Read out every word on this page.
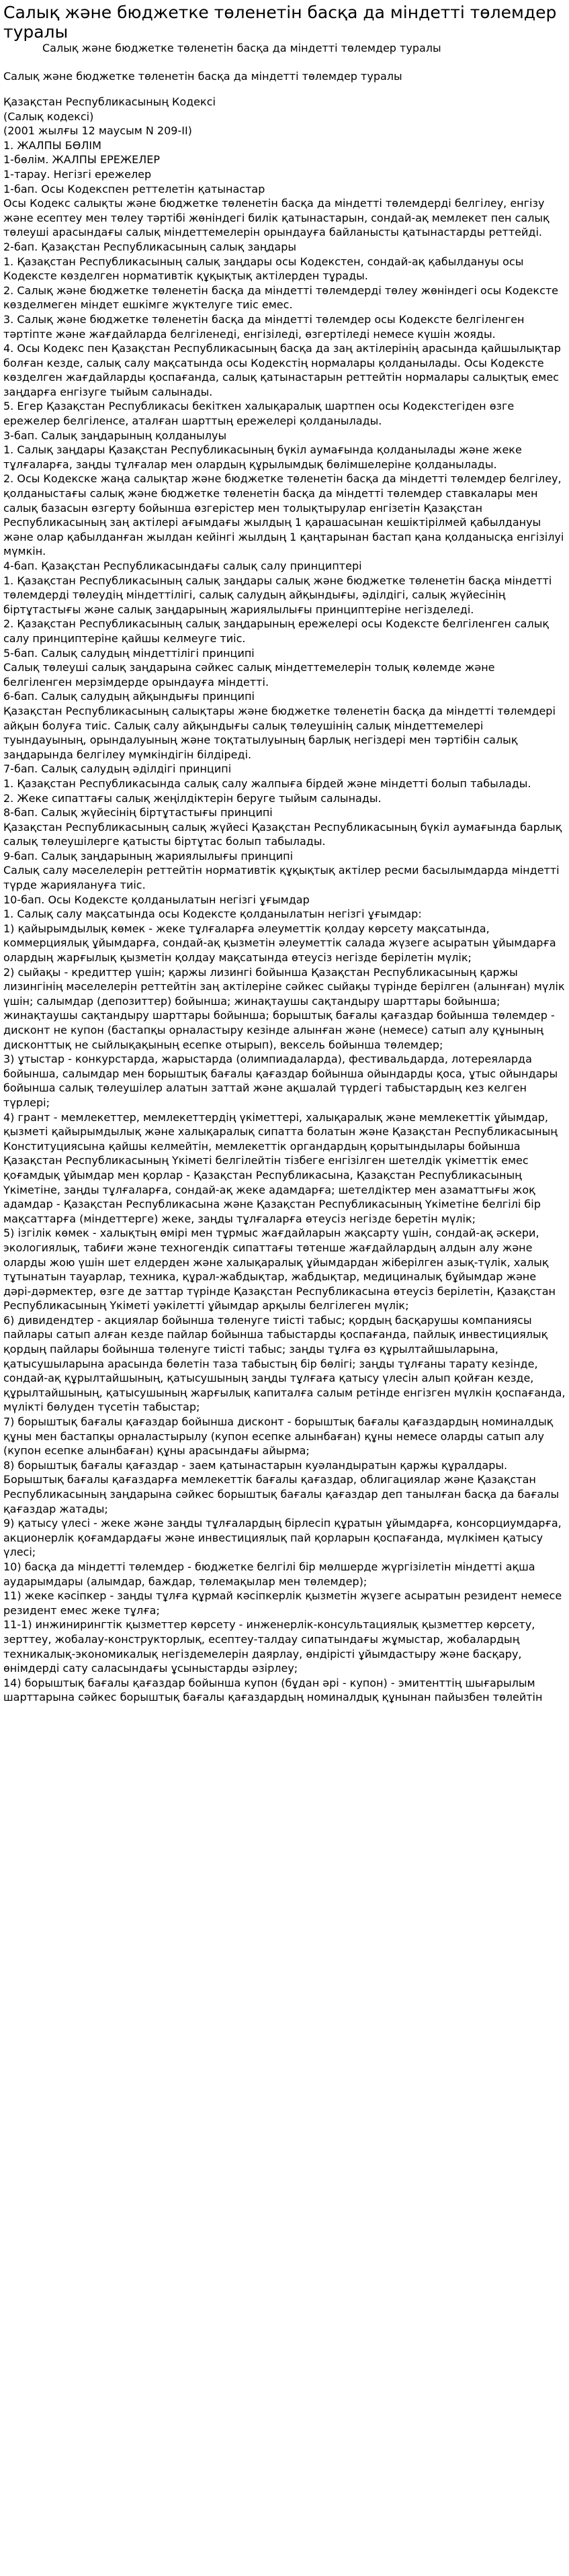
Салық және бюджетке төленетін басқа да міндетті төлемдер туралы

Салық және бюджетке төленетін басқа да міндетті төлемдер туралы

Салық және бюджетке төленетін басқа да міндетті төлемдер туралы

Қазақстан Республикасының Кодексі
(Салық кодексі)
(2001 жылғы 12 маусым N 209-II)
1. ЖАЛПЫ БӨЛІМ
1-бөлім. ЖАЛПЫ ЕРЕЖЕЛЕР
1-тарау. Негізгі ережелер
1-бап. Осы Кодекспен реттелетін қатынастар
Осы Кодекс салықты және бюджетке төленетін басқа да міндетті төлемдерді белгілеу, енгізу және есептеу мен төлеу тәртібі жөніндегі билік қатынастарын, сондай-ақ мемлекет пен салық төлеуші арасындағы салық міндеттемелерін орындауға байланысты қатынастарды реттейді.
2-бап. Қазақстан Республикасының салық заңдары
1. Қазақстан Республикасының салық заңдары осы Кодекстен, сондай-ақ қабылдануы осы Кодексте көзделген нормативтік құқықтық актілерден тұрады.
2. Салық және бюджетке төленетін басқа да міндетті төлемдерді төлеу жөніндегі осы Кодексте көзделмеген міндет ешкімге жүктелуге тиіс емес.
3. Салық және бюджетке төленетін басқа да міндетті төлемдер осы Кодексте белгіленген тәртіпте және жағдайларда белгіленеді, енгізіледі, өзгертіледі немесе күшін жояды.
4. Осы Кодекс пен Қазақстан Республикасының басқа да заң актілерінің арасында қайшылықтар болған кезде, салық салу мақсатында осы Кодекстің нормалары қолданылады. Осы Кодексте көзделген жағдайларды қоспағанда, салық қатынастарын реттейтін нормалары салықтық емес заңдарға енгізуге тыйым салынады.
5. Егер Қазақстан Республикасы бекіткен халықаралық шартпен осы Кодекстегіден өзге ережелер белгіленсе, аталған шарттың ережелері қолданылады.
3-бап. Салық заңдарының қолданылуы
1. Салық заңдары Қазақстан Республикасының бүкіл аумағында қолданылады және жеке тұлғаларға, заңды тұлғалар мен олардың құрылымдық бөлімшелеріне қолданылады.
2. Осы Кодекске жаңа салықтар және бюджетке төленетін басқа да міндетті төлемдер белгілеу, қолданыстағы салық және бюджетке төленетін басқа да міндетті төлемдер ставкалары мен салық базасын өзгерту бойынша өзгерістер мен толықтырулар енгізетін Қазақстан Республикасының заң актілері ағымдағы жылдың 1 қарашасынан кешіктірілмей қабылдануы және олар қабылданған жылдан кейінгі жылдың 1 қаңтарынан бастап қана қолданысқа енгізілуі мүмкін.
4-бап. Қазақстан Республикасындағы салық салу принциптері
1. Қазақстан Республикасының салық заңдары салық және бюджетке төленетін басқа міндетті төлемдерді төлеудің міндеттілігі, салық салудың айқындығы, әділдігі, салық жүйесінің біртұтастығы және салық заңдарының жариялылығы принциптеріне негізделеді.
2. Қазақстан Республикасының салық заңдарының ережелері осы Кодексте белгіленген салық салу принциптеріне қайшы келмеуге тиіс.
5-бап. Салық салудың міндеттілігі принципі
Салық төлеуші салық заңдарына сәйкес салық міндеттемелерін толық көлемде және белгіленген мерзімдерде орындауға міндетті.
6-бап. Салық салудың айқындығы принципі
Қазақстан Республикасының салықтары және бюджетке төленетін басқа да міндетті төлемдері айқын болуға тиіс. Салық салу айқындығы салық төлеушінің салық міндеттемелері туындауының, орындалуының және тоқтатылуының барлық негіздері мен тәртібін салық заңдарында белгілеу мүмкіндігін білдіреді.
7-бап. Салық салудың әділдігі принципі
1. Қазақстан Республикасында салық салу жалпыға бірдей және міндетті болып табылады.
2. Жеке сипаттағы салық жеңілдіктерін беруге тыйым салынады.
8-бап. Салық жүйесінің біртұтастығы принципі
Қазақстан Республикасының салық жүйесі Қазақстан Республикасының бүкіл аумағында барлық салық төлеушілерге қатысты біртұтас болып табылады.
9-бап. Салық заңдарының жариялылығы принципі
Салық салу мәселелерін реттейтін нормативтік құқықтық актілер ресми басылымдарда міндетті түрде жариялануға тиіс.
10-бап. Осы Кодексте қолданылатын негізгі ұғымдар
1. Салық салу мақсатында осы Кодексте қолданылатын негізгі ұғымдар:
1) қайырымдылық көмек - жеке тұлғаларға әлеуметтік қолдау көрсету мақсатында, коммерциялық ұйымдарға, сондай-ақ қызметін әлеуметтік салада жүзеге асыратын ұйымдарға олардың жарғылық қызметін қолдау мақсатында өтеусіз негізде берілетін мүлік;
2) сыйақы - кредиттер үшін; қаржы лизингі бойынша Қазақстан Республикасының қаржы лизингінің мәселелерін реттейтін заң актілеріне сәйкес сыйақы түрінде берілген (алынған) мүлік үшін; салымдар (депозиттер) бойынша; жинақтаушы сақтандыру шарттары бойынша; жинақтаушы сақтандыру шарттары бойынша; борыштық бағалы қағаздар бойынша төлемдер - дисконт не купон (бастапқы орналастыру кезінде алынған және (немесе) сатып алу құнының дисконттық не сыйлықақының есепке отырып), вексель бойынша төлемдер;
3) ұтыстар - конкурстарда, жарыстарда (олимпиадаларда), фестивальдарда, лотереяларда бойынша, салымдар мен борыштық бағалы қағаздар бойынша ойындарды қоса, ұтыс ойындары бойынша салық төлеушілер алатын заттай және ақшалай түрдегі табыстардың кез келген түрлері;
4) грант - мемлекеттер, мемлекеттердің үкіметтері, халықаралық және мемлекеттік ұйымдар, қызметі қайырымдылық және халықаралық сипатта болатын және Қазақстан Республикасының Конституциясына қайшы келмейтін, мемлекеттік органдардың қорытындылары бойынша Қазақстан Республикасының Үкіметі белгілейтін тізбеге енгізілген шетелдік үкіметтік емес қоғамдық ұйымдар мен қорлар - Қазақстан Республикасына, Қазақстан Республикасының Үкіметіне, заңды тұлғаларға, сондай-ақ жеке адамдарға; шетелдіктер мен азаматтығы жоқ адамдар - Қазақстан Республикасына және Қазақстан Республикасының Үкіметіне белгілі бір мақсаттарға (міндеттерге) жеке, заңды тұлғаларға өтеусіз негізде беретін мүлік;
5) ізгілік көмек - халықтың өмірі мен тұрмыс жағдайларын жақсарту үшін, сондай-ақ әскери, экологиялық, табиғи және техногендік сипаттағы төтенше жағдайлардың алдын алу және оларды жою үшін шет елдерден және халықаралық ұйымдардан жіберілген азық-түлік, халық тұтынатын тауарлар, техника, құрал-жабдықтар, жабдықтар, медициналық бұйымдар және дәрі-дәрмектер, өзге де заттар түрінде Қазақстан Республикасына өтеусіз берілетін, Қазақстан Республикасының Үкіметі уәкілетті ұйымдар арқылы белгілеген мүлік;
6) дивидендтер - акциялар бойынша төленуге тиісті табыс; қордың басқарушы компаниясы пайлары сатып алған кезде пайлар бойынша табыстарды қоспағанда, пайлық инвестициялық қордың пайлары бойынша төленуге тиісті табыс; заңды тұлға өз құрылтайшыларына, қатысушыларына арасында бөлетін таза табыстың бір бөлігі; заңды тұлғаны тарату кезінде, сондай-ақ құрылтайшының, қатысушының заңды тұлғаға қатысу үлесін алып қойған кезде, құрылтайшының, қатысушының жарғылық капиталға салым ретінде енгізген мүлкін қоспағанда, мүлікті бөлуден түсетін табыстар;
7) борыштық бағалы қағаздар бойынша дисконт - борыштық бағалы қағаздардың номиналдық құны мен бастапқы орналастырылу (купон есепке алынбаған) құны немесе оларды сатып алу (купон есепке алынбаған) құны арасындағы айырма;
8) борыштық бағалы қағаздар - заем қатынастарын куәландыратын қаржы құралдары. Борыштық бағалы қағаздарға мемлекеттік бағалы қағаздар, облигациялар және Қазақстан Республикасының заңдарына сәйкес борыштық бағалы қағаздар деп танылған басқа да бағалы қағаздар жатады;
9) қатысу үлесі - жеке және заңды тұлғалардың бірлесіп құратын ұйымдарға, консорциумдарға, акционерлік қоғамдардағы және инвестициялық пай қорларын қоспағанда, мүлкімен қатысу үлесі;
10) басқа да міндетті төлемдер - бюджетке белгілі бір мөлшерде жүргізілетін міндетті ақша аударымдары (алымдар, баждар, төлемақылар мен төлемдер);
11) жеке кәсіпкер - заңды тұлға құрмай кәсіпкерлік қызметін жүзеге асыратын резидент немесе резидент емес жеке тұлға;
11-1) инжинирингтік қызметтер көрсету - инженерлік-консультациялық қызметтер көрсету, зерттеу, жобалау-конструкторлық, есептеу-талдау сипатындағы жұмыстар, жобалардың техникалық-экономикалық негіздемелерін даярлау, өндірісті ұйымдастыру және басқару, өнімдерді сату саласындағы ұсыныстарды әзірлеу;
14) борыштық бағалы қағаздар бойынша купон (бұдан әрі - купон) - эмитенттің шығарылым шарттарына сәйкес борыштық бағалы қағаздардың номиналдық құнынан пайызбен төлейтін
